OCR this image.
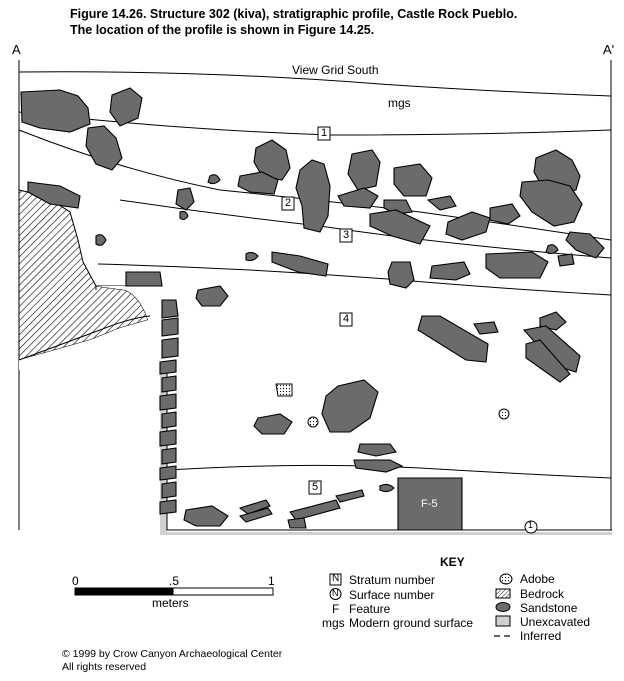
Figure 14.26. Structure 302 (kiva), stratigraphic profile, Castle Rock Pueblo.
The location of the profile is shown in Figure 14.25.
A	A'
View Grid South
mgs
1
2
3
4
5
1
F-5
0	.5	1
meters
KEY
N Stratum number
N Surface number
F Feature
mgs Modern ground surface
Adobe
Bedrock
Sandstone
Unexcavated
Inferred
© 1999 by Crow Canyon Archaeological Center
All rights reserved
